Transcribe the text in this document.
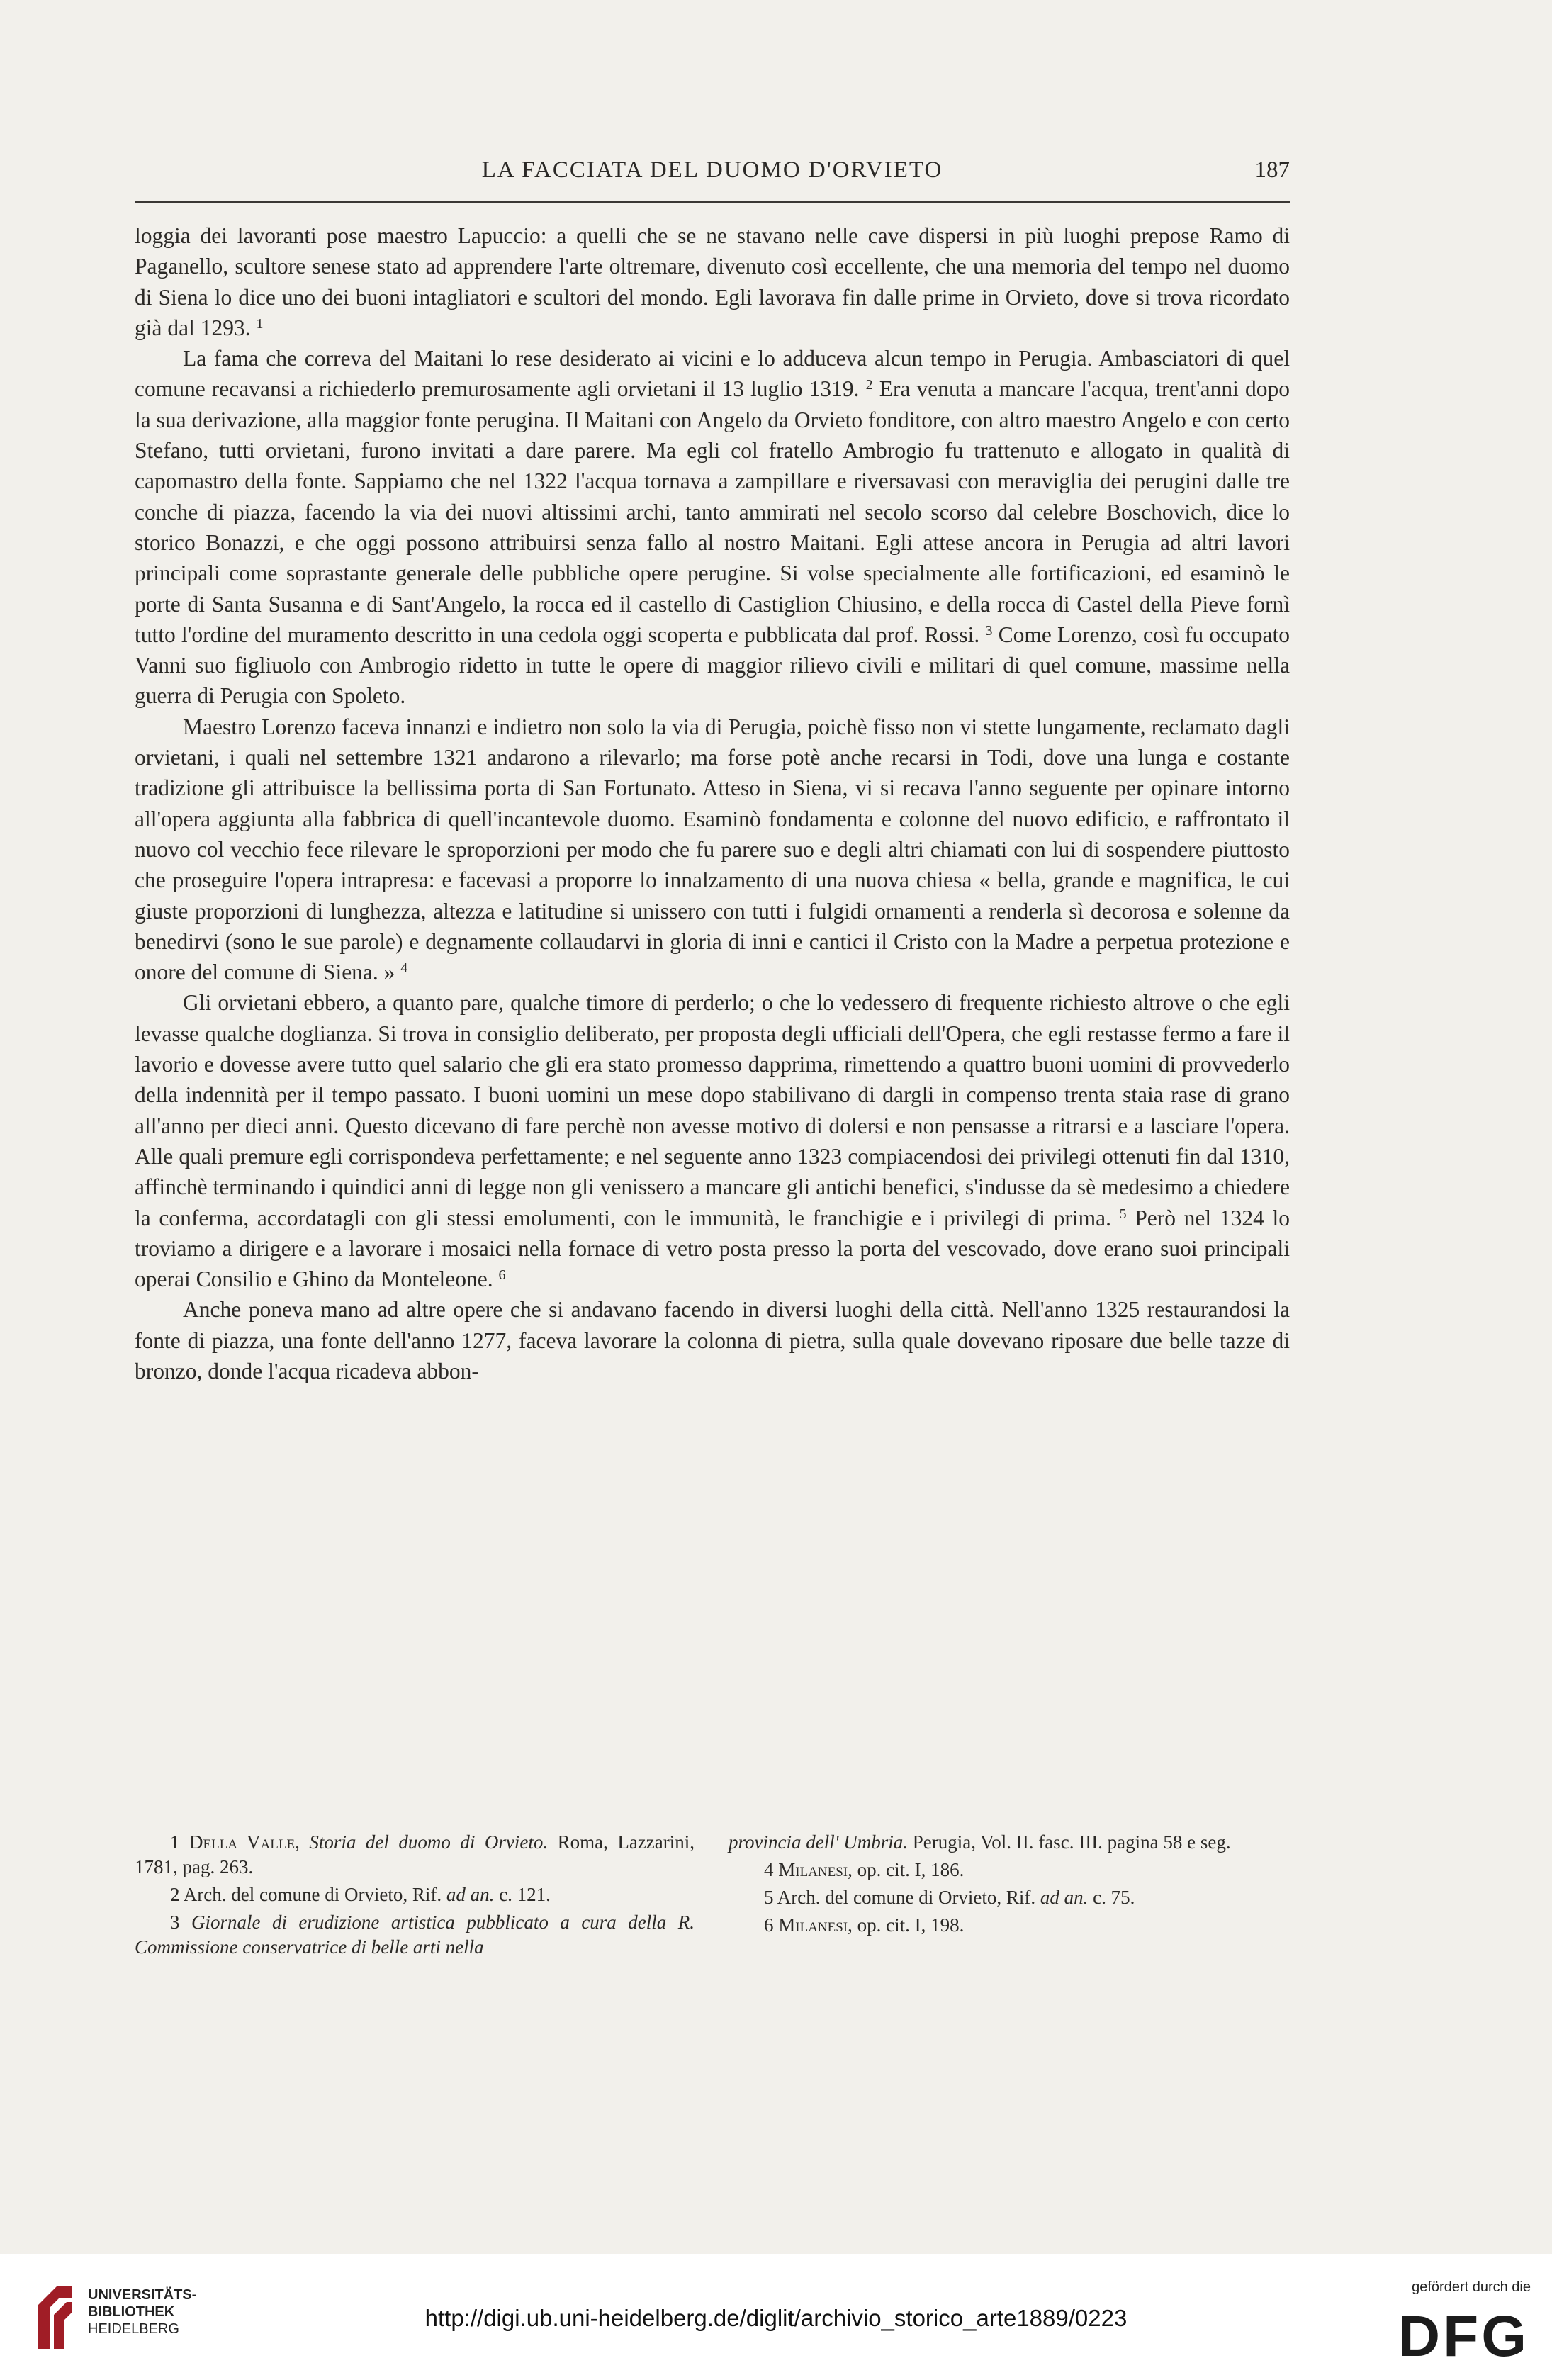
LA FACCIATA DEL DUOMO D'ORVIETO	187

loggia dei lavoranti pose maestro Lapuccio: a quelli che se ne stavano nelle cave dispersi in più luoghi prepose Ramo di Paganello, scultore senese stato ad apprendere l'arte oltremare, divenuto così eccellente, che una memoria del tempo nel duomo di Siena lo dice uno dei buoni intagliatori e scultori del mondo. Egli lavorava fin dalle prime in Orvieto, dove si trova ricordato già dal 1293. $^1$

La fama che correva del Maitani lo rese desiderato ai vicini e lo adduceva alcun tempo in Perugia. Ambasciatori di quel comune recavansi a richiederlo premurosamente agli orvietani il 13 luglio 1319. $^2$ Era venuta a mancare l'acqua, trent'anni dopo la sua derivazione, alla maggior fonte perugina. Il Maitani con Angelo da Orvieto fonditore, con altro maestro Angelo e con certo Stefano, tutti orvietani, furono invitati a dare parere. Ma egli col fratello Ambrogio fu trattenuto e allogato in qualità di capomastro della fonte. Sappiamo che nel 1322 l'acqua tornava a zampillare e riversavasi con meraviglia dei perugini dalle tre conche di piazza, facendo la via dei nuovi altissimi archi, tanto ammirati nel secolo scorso dal celebre Boschovich, dice lo storico Bonazzi, e che oggi possono attribuirsi senza fallo al nostro Maitani. Egli attese ancora in Perugia ad altri lavori principali come soprastante generale delle pubbliche opere perugine. Si volse specialmente alle fortificazioni, ed esaminò le porte di Santa Susanna e di Sant'Angelo, la rocca ed il castello di Castiglion Chiusino, e della rocca di Castel della Pieve fornì tutto l'ordine del muramento descritto in una cedola oggi scoperta e pubblicata dal prof. Rossi. $^3$ Come Lorenzo, così fu occupato Vanni suo figliuolo con Ambrogio ridetto in tutte le opere di maggior rilievo civili e militari di quel comune, massime nella guerra di Perugia con Spoleto.

Maestro Lorenzo faceva innanzi e indietro non solo la via di Perugia, poichè fisso non vi stette lungamente, reclamato dagli orvietani, i quali nel settembre 1321 andarono a rilevarlo; ma forse potè anche recarsi in Todi, dove una lunga e costante tradizione gli attribuisce la bellissima porta di San Fortunato. Atteso in Siena, vi si recava l'anno seguente per opinare intorno all'opera aggiunta alla fabbrica di quell'incantevole duomo. Esaminò fondamenta e colonne del nuovo edificio, e raffrontato il nuovo col vecchio fece rilevare le sproporzioni per modo che fu parere suo e degli altri chiamati con lui di sospendere piuttosto che proseguire l'opera intrapresa: e facevasi a proporre lo innalzamento di una nuova chiesa « bella, grande e magnifica, le cui giuste proporzioni di lunghezza, altezza e latitudine si unissero con tutti i fulgidi ornamenti a renderla sì decorosa e solenne da benedirvi (sono le sue parole) e degnamente collaudarvi in gloria di inni e cantici il Cristo con la Madre a perpetua protezione e onore del comune di Siena. » $^4$

Gli orvietani ebbero, a quanto pare, qualche timore di perderlo; o che lo vedessero di frequente richiesto altrove o che egli levasse qualche doglianza. Si trova in consiglio deliberato, per proposta degli ufficiali dell'Opera, che egli restasse fermo a fare il lavorio e dovesse avere tutto quel salario che gli era stato promesso dapprima, rimettendo a quattro buoni uomini di provvederlo della indennità per il tempo passato. I buoni uomini un mese dopo stabilivano di dargli in compenso trenta staia rase di grano all'anno per dieci anni. Questo dicevano di fare perchè non avesse motivo di dolersi e non pensasse a ritrarsi e a lasciare l'opera. Alle quali premure egli corrispondeva perfettamente; e nel seguente anno 1323 compiacendosi dei privilegi ottenuti fin dal 1310, affinchè terminando i quindici anni di legge non gli venissero a mancare gli antichi benefici, s'indusse da sè medesimo a chiedere la conferma, accordatagli con gli stessi emolumenti, con le immunità, le franchigie e i privilegi di prima. $^5$ Però nel 1324 lo troviamo a dirigere e a lavorare i mosaici nella fornace di vetro posta presso la porta del vescovado, dove erano suoi principali operai Consilio e Ghino da Monteleone. $^6$

Anche poneva mano ad altre opere che si andavano facendo in diversi luoghi della città. Nell'anno 1325 restaurandosi la fonte di piazza, una fonte dell'anno 1277, faceva lavorare la colonna di pietra, sulla quale dovevano riposare due belle tazze di bronzo, donde l'acqua ricadeva abbon-

1 Della Valle, Storia del duomo di Orvieto. Roma, Lazzarini, 1781, pag. 263.

2 Arch. del comune di Orvieto, Rif. ad an. c. 121.

3 Giornale di erudizione artistica pubblicato a cura della R. Commissione conservatrice di belle arti nella

provincia dell' Umbria. Perugia, Vol. II. fasc. III. pagina 58 e seg.

4 Milanesi, op. cit. I, 186.

5 Arch. del comune di Orvieto, Rif. ad an. c. 75.

6 Milanesi, op. cit. I, 198.

UNIVERSITÄTS-
BIBLIOTHEK
HEIDELBERG	http://digi.ub.uni-heidelberg.de/diglit/archivio_storico_arte1889/0223
gefördert durch die
DFG
